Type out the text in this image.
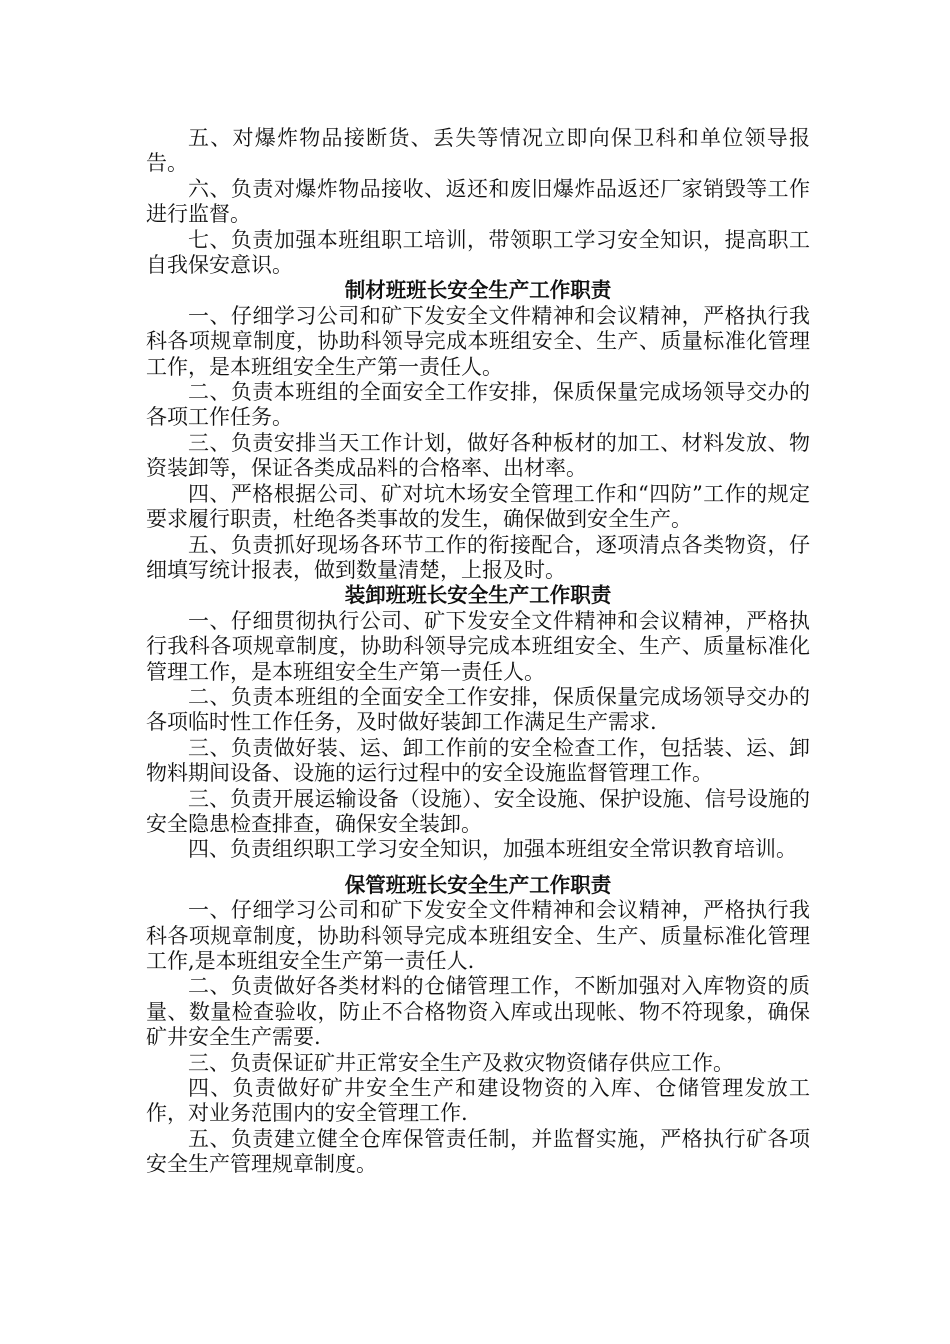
五、对爆炸物品接断货、丢失等情况立即向保卫科和单位领导报告。

六、负责对爆炸物品接收、返还和废旧爆炸品返还厂家销毁等工作进行监督。

七、负责加强本班组职工培训，带领职工学习安全知识，提高职工自我保安意识。

制材班班长安全生产工作职责

一、仔细学习公司和矿下发安全文件精神和会议精神，严格执行我科各项规章制度，协助科领导完成本班组安全、生产、质量标准化管理工作，是本班组安全生产第一责任人。

二、负责本班组的全面安全工作安排，保质保量完成场领导交办的各项工作任务。

三、负责安排当天工作计划，做好各种板材的加工、材料发放、物资装卸等，保证各类成品料的合格率、出材率。

四、严格根据公司、矿对坑木场安全管理工作和“四防”工作的规定要求履行职责，杜绝各类事故的发生，确保做到安全生产。

五、负责抓好现场各环节工作的衔接配合，逐项清点各类物资，仔细填写统计报表，做到数量清楚，上报及时。

装卸班班长安全生产工作职责

一、仔细贯彻执行公司、矿下发安全文件精神和会议精神，严格执行我科各项规章制度，协助科领导完成本班组安全、生产、质量标准化管理工作，是本班组安全生产第一责任人。

二、负责本班组的全面安全工作安排，保质保量完成场领导交办的各项临时性工作任务，及时做好装卸工作满足生产需求.

三、负责做好装、运、卸工作前的安全检查工作，包括装、运、卸物料期间设备、设施的运行过程中的安全设施监督管理工作。

三、负责开展运输设备（设施）、安全设施、保护设施、信号设施的安全隐患检查排查，确保安全装卸。

四、负责组织职工学习安全知识，加强本班组安全常识教育培训。

保管班班长安全生产工作职责

一、仔细学习公司和矿下发安全文件精神和会议精神，严格执行我科各项规章制度，协助科领导完成本班组安全、生产、质量标准化管理工作,是本班组安全生产第一责任人.

二、负责做好各类材料的仓储管理工作，不断加强对入库物资的质量、数量检查验收，防止不合格物资入库或出现帐、物不符现象，确保矿井安全生产需要.

三、负责保证矿井正常安全生产及救灾物资储存供应工作。

四、负责做好矿井安全生产和建设物资的入库、仓储管理发放工作，对业务范围内的安全管理工作.

五、负责建立健全仓库保管责任制，并监督实施，严格执行矿各项安全生产管理规章制度。
